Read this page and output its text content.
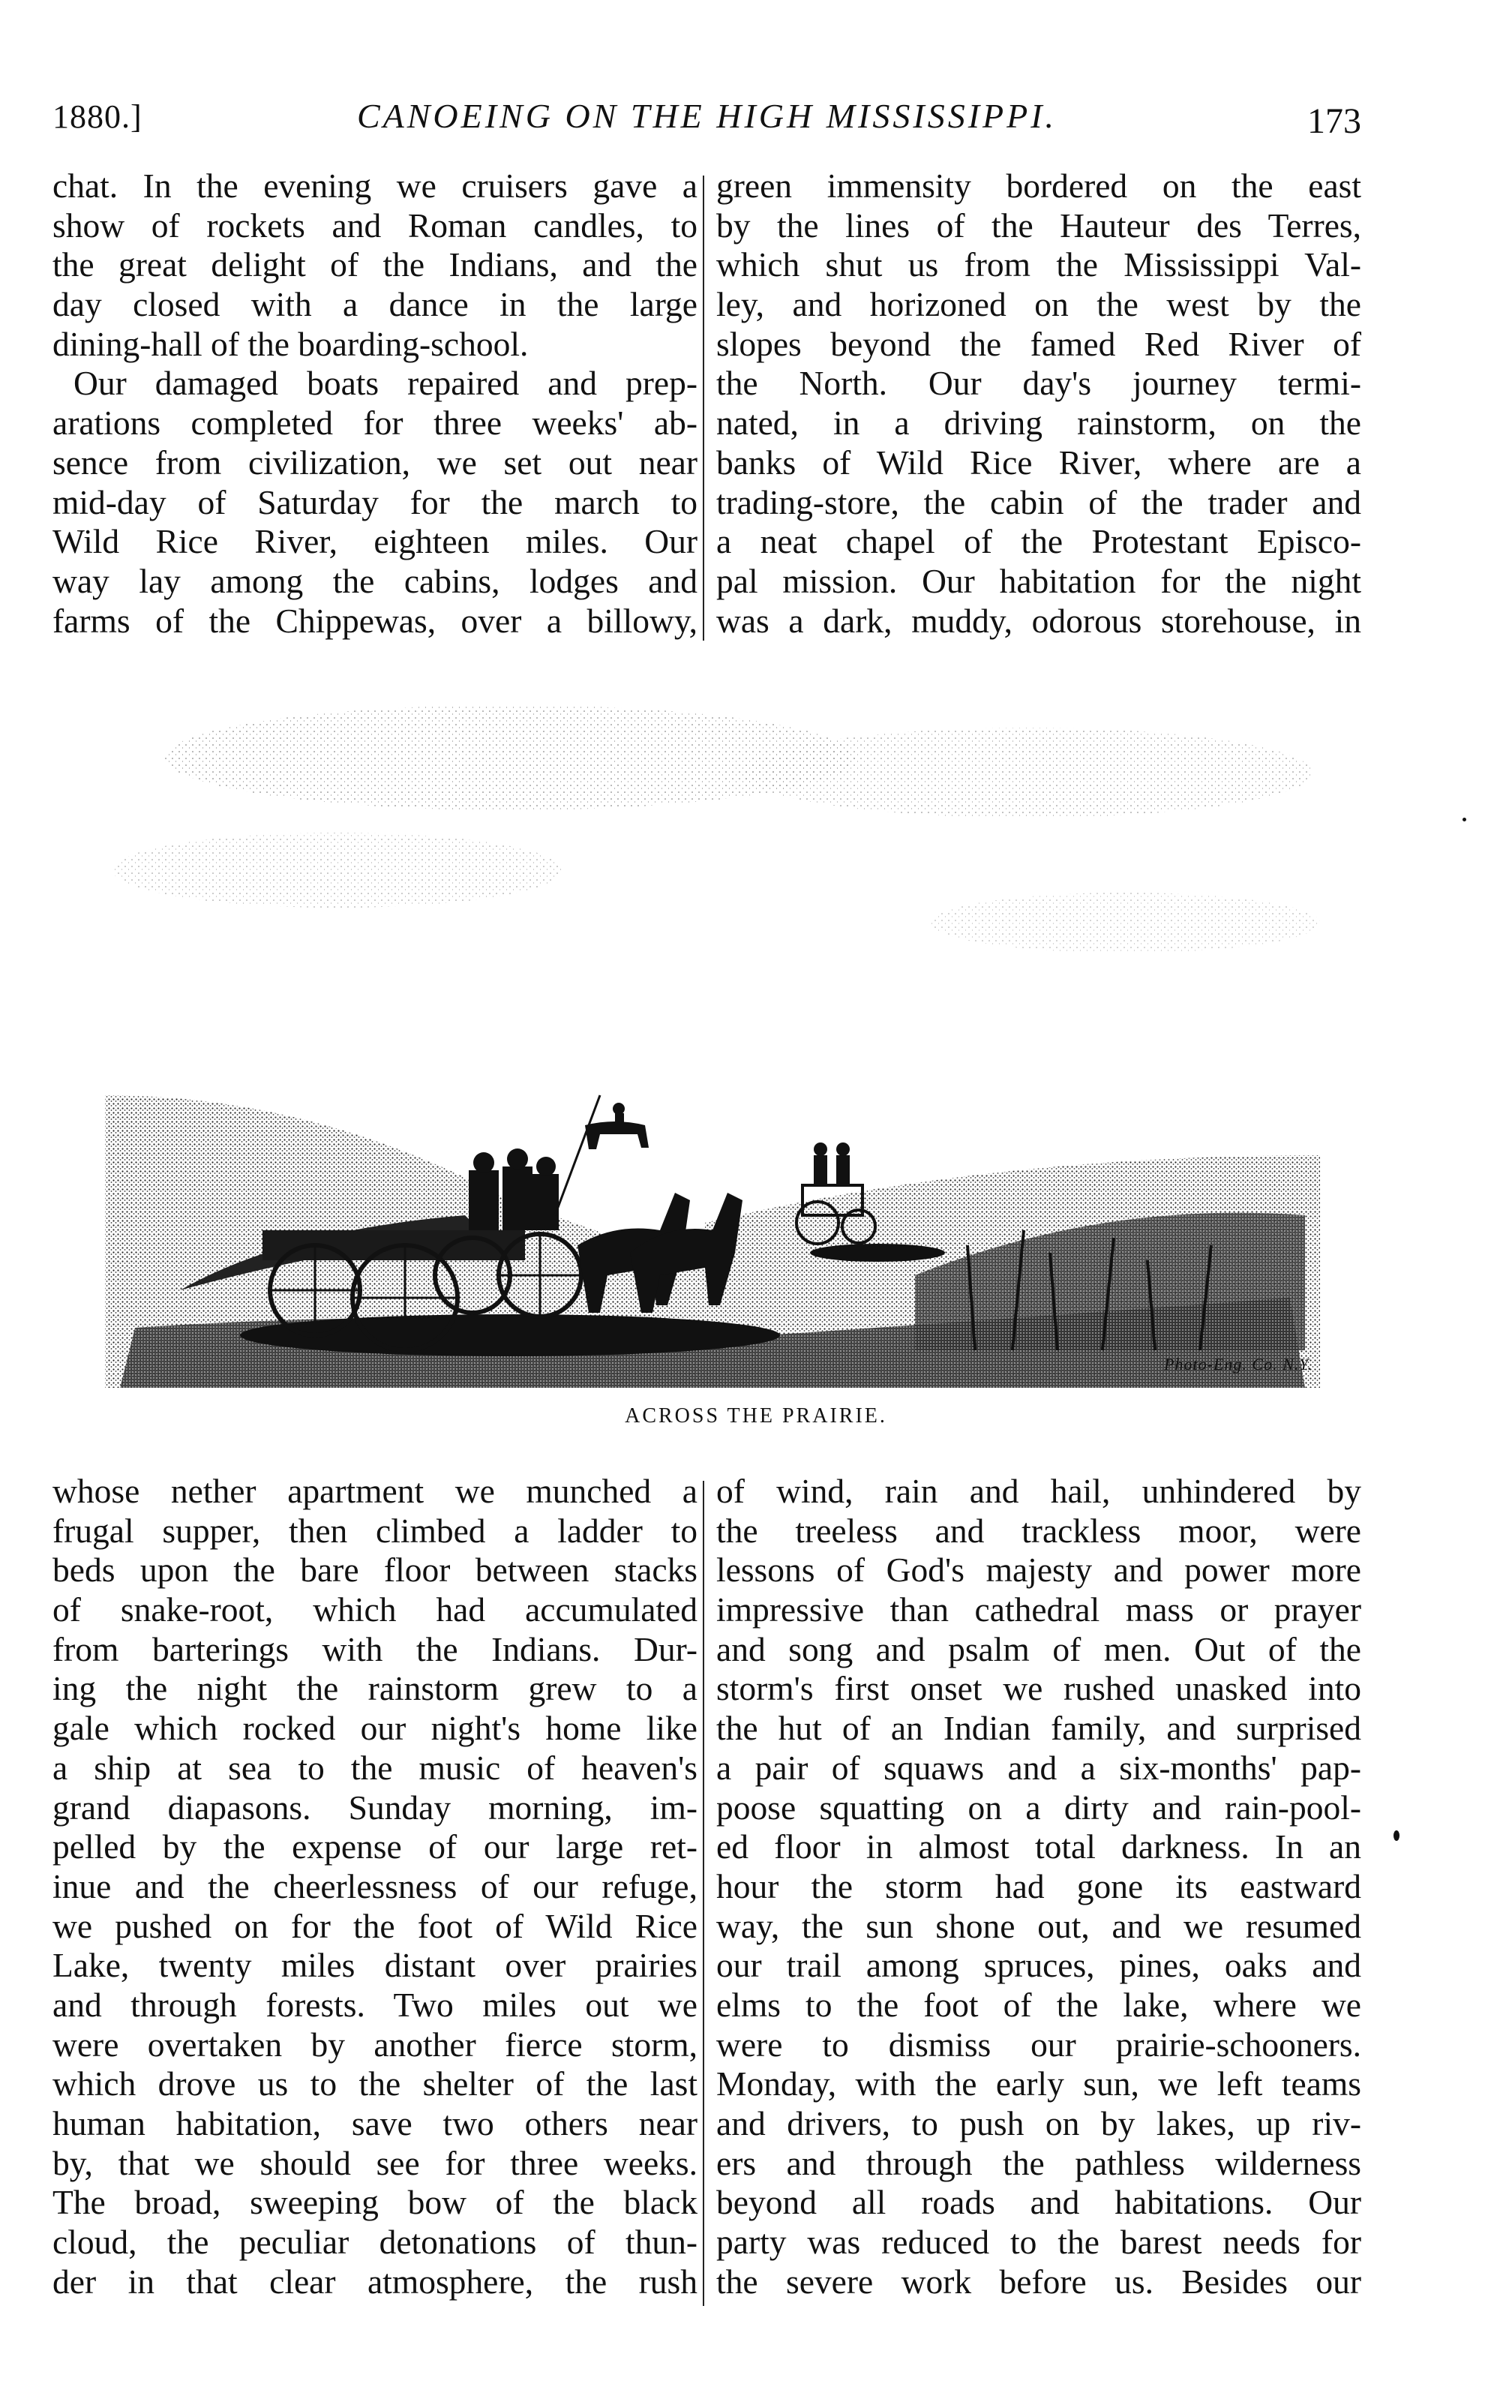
1880.]	CANOEING ON THE HIGH MISSISSIPPI.	173
chat. In the evening we cruisers gave a
show of rockets and Roman candles, to
the great delight of the Indians, and the
day closed with a dance in the large
dining-hall of the boarding-school.
Our damaged boats repaired and prep-
arations completed for three weeks' ab-
sence from civilization, we set out near
mid-day of Saturday for the march to
Wild Rice River, eighteen miles. Our
way lay among the cabins, lodges and
farms of the Chippewas, over a billowy,
green immensity bordered on the east
by the lines of the Hauteur des Terres,
which shut us from the Mississippi Val-
ley, and horizoned on the west by the
slopes beyond the famed Red River of
the North. Our day's journey termi-
nated, in a driving rainstorm, on the
banks of Wild Rice River, where are a
trading-store, the cabin of the trader and
a neat chapel of the Protestant Episco-
pal mission. Our habitation for the night
was a dark, muddy, odorous storehouse, in
Photo-Eng. Co. N.Y.
ACROSS THE PRAIRIE.
whose nether apartment we munched a
frugal supper, then climbed a ladder to
beds upon the bare floor between stacks
of snake-root, which had accumulated
from barterings with the Indians. Dur-
ing the night the rainstorm grew to a
gale which rocked our night's home like
a ship at sea to the music of heaven's
grand diapasons. Sunday morning, im-
pelled by the expense of our large ret-
inue and the cheerlessness of our refuge,
we pushed on for the foot of Wild Rice
Lake, twenty miles distant over prairies
and through forests. Two miles out we
were overtaken by another fierce storm,
which drove us to the shelter of the last
human habitation, save two others near
by, that we should see for three weeks.
The broad, sweeping bow of the black
cloud, the peculiar detonations of thun-
der in that clear atmosphere, the rush
of wind, rain and hail, unhindered by
the treeless and trackless moor, were
lessons of God's majesty and power more
impressive than cathedral mass or prayer
and song and psalm of men. Out of the
storm's first onset we rushed unasked into
the hut of an Indian family, and surprised
a pair of squaws and a six-months' pap-
poose squatting on a dirty and rain-pool-
ed floor in almost total darkness. In an
hour the storm had gone its eastward
way, the sun shone out, and we resumed
our trail among spruces, pines, oaks and
elms to the foot of the lake, where we
were to dismiss our prairie-schooners.
Monday, with the early sun, we left teams
and drivers, to push on by lakes, up riv-
ers and through the pathless wilderness
beyond all roads and habitations. Our
party was reduced to the barest needs for
the severe work before us. Besides our
